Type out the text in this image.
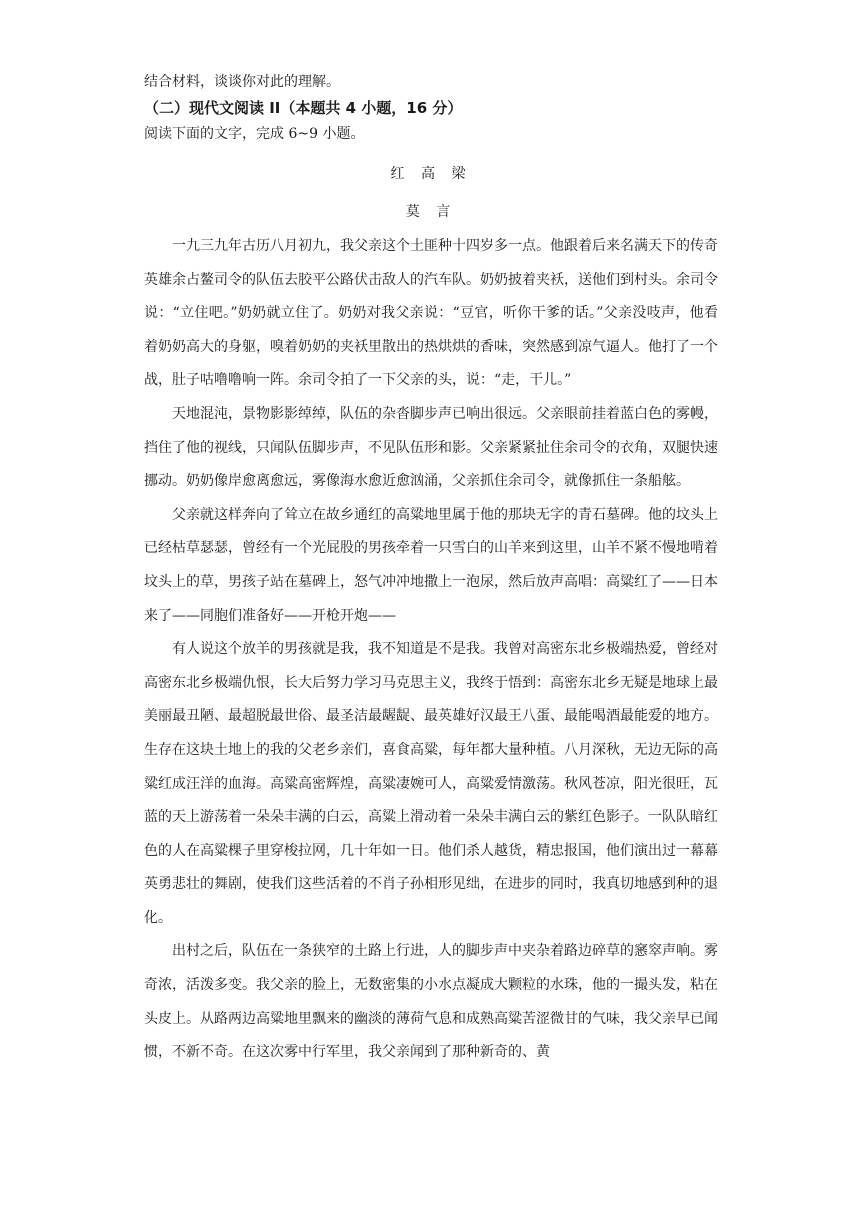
结合材料，谈谈你对此的理解。
（二）现代文阅读 II（本题共 4 小题，16 分）
阅读下面的文字，完成 6~9 小题。
红 高 梁
莫 言

一九三九年古历八月初九，我父亲这个土匪种十四岁多一点。他跟着后来名满天下的传奇英雄余占鳌司令的队伍去胶平公路伏击敌人的汽车队。奶奶披着夹袄，送他们到村头。余司令说：“立住吧。”奶奶就立住了。奶奶对我父亲说：“豆官，听你干爹的话。”父亲没吱声，他看着奶奶高大的身躯，嗅着奶奶的夹袄里散出的热烘烘的香味，突然感到凉气逼人。他打了一个战，肚子咕噜噜响一阵。余司令拍了一下父亲的头，说：“走，干儿。”

天地混沌，景物影影绰绰，队伍的杂沓脚步声已响出很远。父亲眼前挂着蓝白色的雾幔，挡住了他的视线，只闻队伍脚步声，不见队伍形和影。父亲紧紧扯住余司令的衣角，双腿快速挪动。奶奶像岸愈离愈远，雾像海水愈近愈汹涌，父亲抓住余司令，就像抓住一条船舷。

父亲就这样奔向了耸立在故乡通红的高粱地里属于他的那块无字的青石墓碑。他的坟头上已经枯草瑟瑟，曾经有一个光屁股的男孩牵着一只雪白的山羊来到这里，山羊不紧不慢地啃着坟头上的草，男孩子站在墓碑上，怒气冲冲地撒上一泡尿，然后放声高唱：高粱红了——日本来了——同胞们准备好——开枪开炮——

有人说这个放羊的男孩就是我，我不知道是不是我。我曾对高密东北乡极端热爱，曾经对高密东北乡极端仇恨，长大后努力学习马克思主义，我终于悟到：高密东北乡无疑是地球上最美丽最丑陋、最超脱最世俗、最圣洁最龌龊、最英雄好汉最王八蛋、最能喝酒最能爱的地方。生存在这块土地上的我的父老乡亲们，喜食高粱，每年都大量种植。八月深秋，无边无际的高粱红成汪洋的血海。高粱高密辉煌，高粱凄婉可人，高粱爱情激荡。秋风苍凉，阳光很旺，瓦蓝的天上游荡着一朵朵丰满的白云，高粱上滑动着一朵朵丰满白云的紫红色影子。一队队暗红色的人在高粱棵子里穿梭拉网，几十年如一日。他们杀人越货，精忠报国，他们演出过一幕幕英勇悲壮的舞剧，使我们这些活着的不肖子孙相形见绌，在进步的同时，我真切地感到种的退化。

出村之后，队伍在一条狭窄的土路上行进，人的脚步声中夹杂着路边碎草的窸窣声响。雾奇浓，活泼多变。我父亲的脸上，无数密集的小水点凝成大颗粒的水珠，他的一撮头发，粘在头皮上。从路两边高粱地里飘来的幽淡的薄荷气息和成熟高粱苦涩微甘的气味，我父亲早已闻惯，不新不奇。在这次雾中行军里，我父亲闻到了那种新奇的、黄
